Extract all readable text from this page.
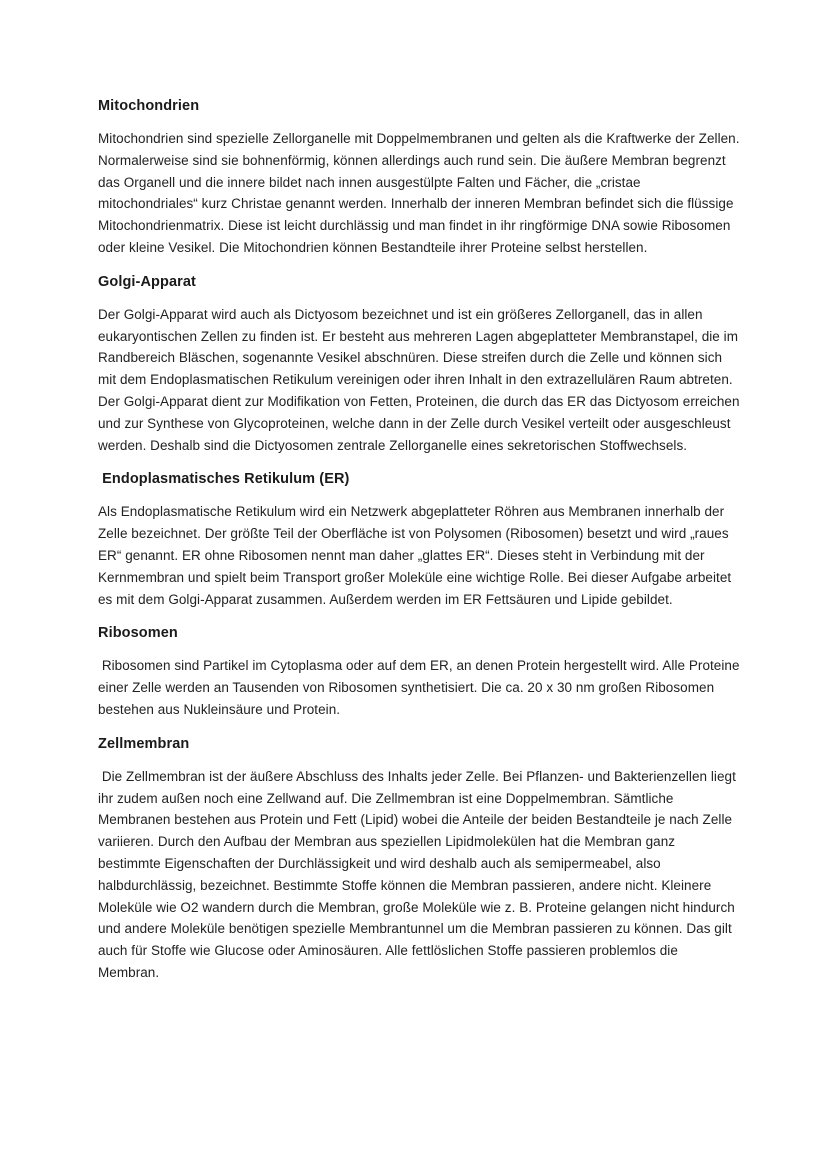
Mitochondrien

Mitochondrien sind spezielle Zellorganelle mit Doppelmembranen und gelten als die Kraftwerke der Zellen. Normalerweise sind sie bohnenförmig, können allerdings auch rund sein. Die äußere Membran begrenzt das Organell und die innere bildet nach innen ausgestülpte Falten und Fächer, die „cristae mitochondriales“ kurz Christae genannt werden. Innerhalb der inneren Membran befindet sich die flüssige Mitochondrienmatrix. Diese ist leicht durchlässig und man findet in ihr ringförmige DNA sowie Ribosomen oder kleine Vesikel. Die Mitochondrien können Bestandteile ihrer Proteine selbst herstellen.

Golgi-Apparat

Der Golgi-Apparat wird auch als Dictyosom bezeichnet und ist ein größeres Zellorganell, das in allen eukaryontischen Zellen zu finden ist. Er besteht aus mehreren Lagen abgeplatteter Membranstapel, die im Randbereich Bläschen, sogenannte Vesikel abschnüren. Diese streifen durch die Zelle und können sich mit dem Endoplasmatischen Retikulum vereinigen oder ihren Inhalt in den extrazellulären Raum abtreten. Der Golgi-Apparat dient zur Modifikation von Fetten, Proteinen, die durch das ER das Dictyosom erreichen und zur Synthese von Glycoproteinen, welche dann in der Zelle durch Vesikel verteilt oder ausgeschleust werden. Deshalb sind die Dictyosomen zentrale Zellorganelle eines sekretorischen Stoffwechsels.

Endoplasmatisches Retikulum (ER)

Als Endoplasmatische Retikulum wird ein Netzwerk abgeplatteter Röhren aus Membranen innerhalb der Zelle bezeichnet. Der größte Teil der Oberfläche ist von Polysomen (Ribosomen) besetzt und wird „raues ER“ genannt. ER ohne Ribosomen nennt man daher „glattes ER“. Dieses steht in Verbindung mit der Kernmembran und spielt beim Transport großer Moleküle eine wichtige Rolle. Bei dieser Aufgabe arbeitet es mit dem Golgi-Apparat zusammen. Außerdem werden im ER Fettsäuren und Lipide gebildet.

Ribosomen

Ribosomen sind Partikel im Cytoplasma oder auf dem ER, an denen Protein hergestellt wird. Alle Proteine einer Zelle werden an Tausenden von Ribosomen synthetisiert. Die ca. 20 x 30 nm großen Ribosomen bestehen aus Nukleinsäure und Protein.

Zellmembran

Die Zellmembran ist der äußere Abschluss des Inhalts jeder Zelle. Bei Pflanzen- und Bakterienzellen liegt ihr zudem außen noch eine Zellwand auf. Die Zellmembran ist eine Doppelmembran. Sämtliche Membranen bestehen aus Protein und Fett (Lipid) wobei die Anteile der beiden Bestandteile je nach Zelle variieren. Durch den Aufbau der Membran aus speziellen Lipidmolekülen hat die Membran ganz bestimmte Eigenschaften der Durchlässigkeit und wird deshalb auch als semipermeabel, also halbdurchlässig, bezeichnet. Bestimmte Stoffe können die Membran passieren, andere nicht. Kleinere Moleküle wie O2 wandern durch die Membran, große Moleküle wie z. B. Proteine gelangen nicht hindurch und andere Moleküle benötigen spezielle Membrantunnel um die Membran passieren zu können. Das gilt auch für Stoffe wie Glucose oder Aminosäuren. Alle fettlöslichen Stoffe passieren problemlos die Membran.
